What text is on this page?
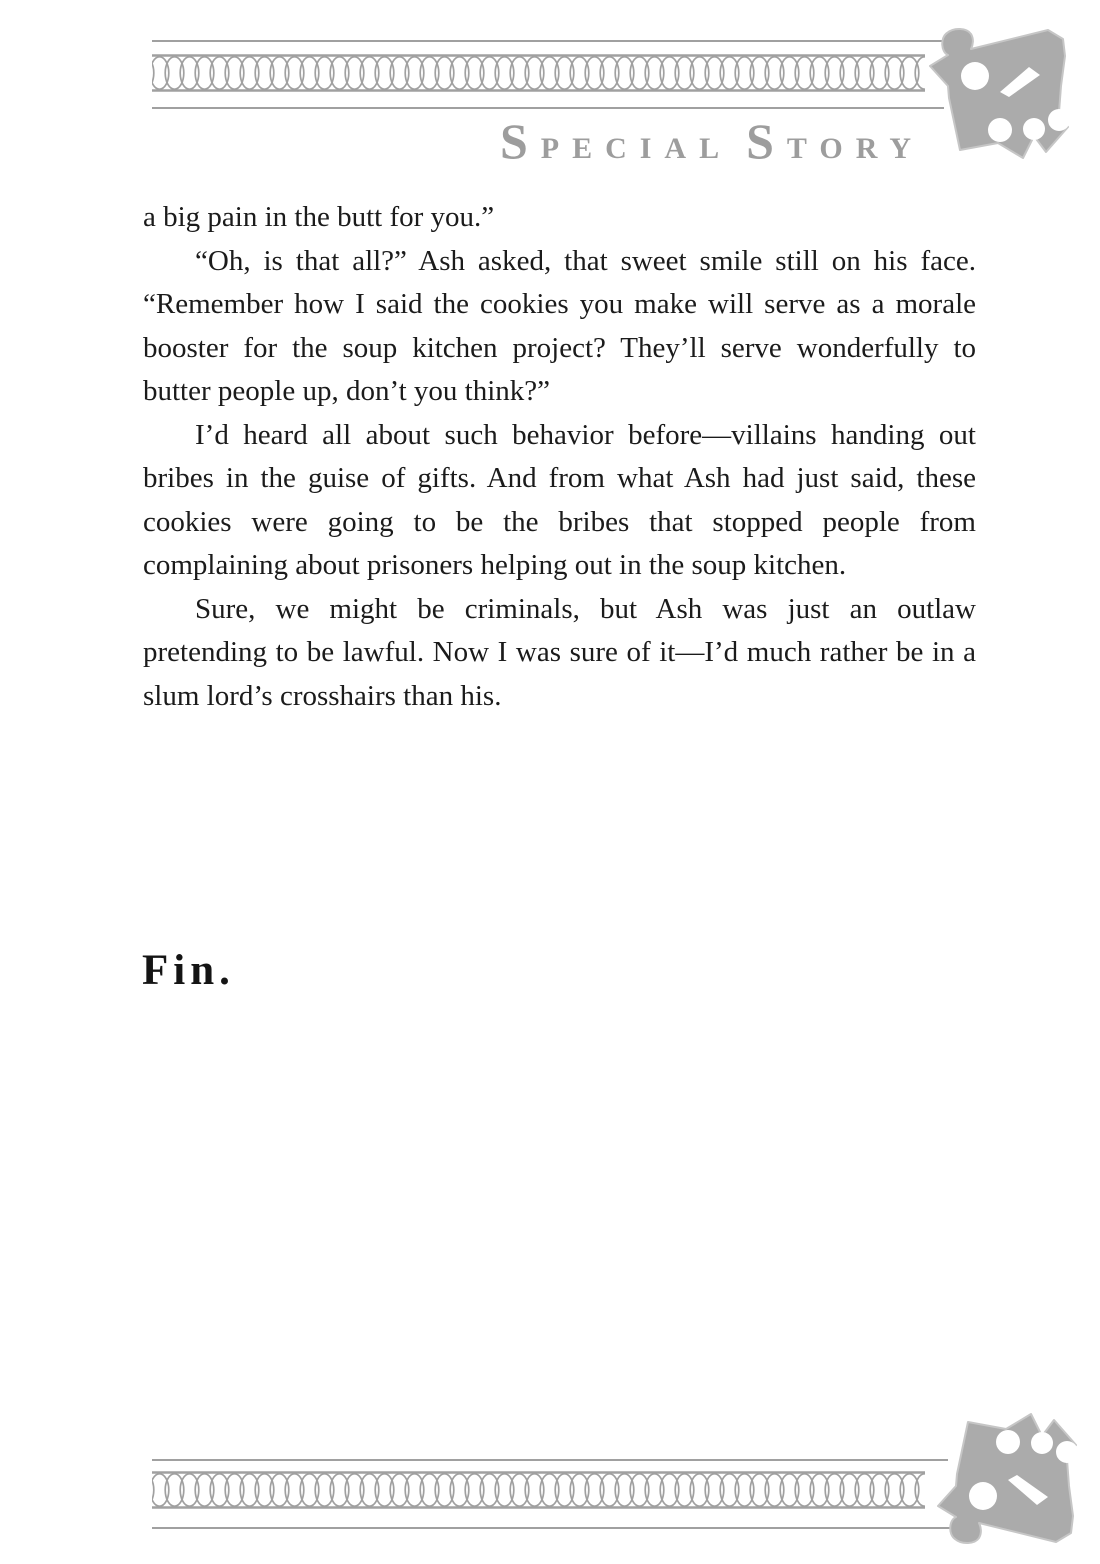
SPECIAL STORY

a big pain in the butt for you.”

“Oh, is that all?” Ash asked, that sweet smile still on his face. “Remember how I said the cookies you make will serve as a morale booster for the soup kitchen project? They’ll serve wonderfully to butter people up, don’t you think?”

I’d heard all about such behavior before—villains handing out bribes in the guise of gifts. And from what Ash had just said, these cookies were going to be the bribes that stopped people from complaining about prisoners helping out in the soup kitchen.

Sure, we might be criminals, but Ash was just an outlaw pretending to be lawful. Now I was sure of it—I’d much rather be in a slum lord’s crosshairs than his.

Fin.
